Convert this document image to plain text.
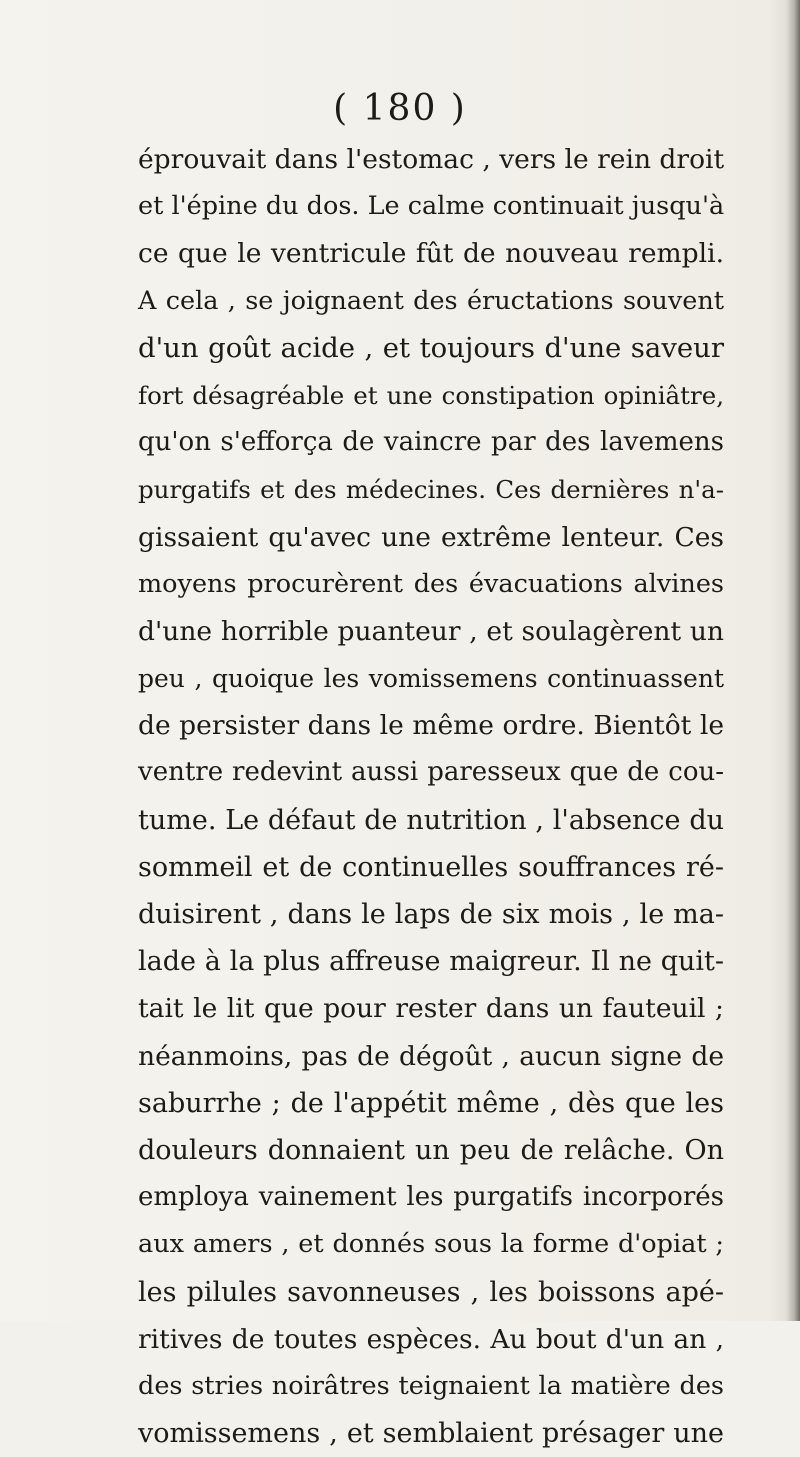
( 180 )
éprouvait dans l'estomac , vers le rein droit
et l'épine du dos. Le calme continuait jusqu'à
ce que le ventricule fût de nouveau rempli.
A cela , se joignaent des éructations souvent
d'un goût acide , et toujours d'une saveur
fort désagréable et une constipation opiniâtre,
qu'on s'efforça de vaincre par des lavemens
purgatifs et des médecines. Ces dernières n'a-
gissaient qu'avec une extrême lenteur. Ces
moyens procurèrent des évacuations alvines
d'une horrible puanteur , et soulagèrent un
peu , quoique les vomissemens continuassent
de persister dans le même ordre. Bientôt le
ventre redevint aussi paresseux que de cou-
tume. Le défaut de nutrition , l'absence du
sommeil et de continuelles souffrances ré-
duisirent , dans le laps de six mois , le ma-
lade à la plus affreuse maigreur. Il ne quit-
tait le lit que pour rester dans un fauteuil ;
néanmoins, pas de dégoût , aucun signe de
saburrhe ; de l'appétit même , dès que les
douleurs donnaient un peu de relâche. On
employa vainement les purgatifs incorporés
aux amers , et donnés sous la forme d'opiat ;
les pilules savonneuses , les boissons apé-
ritives de toutes espèces. Au bout d'un an ,
des stries noirâtres teignaient la matière des
vomissemens , et semblaient présager une
